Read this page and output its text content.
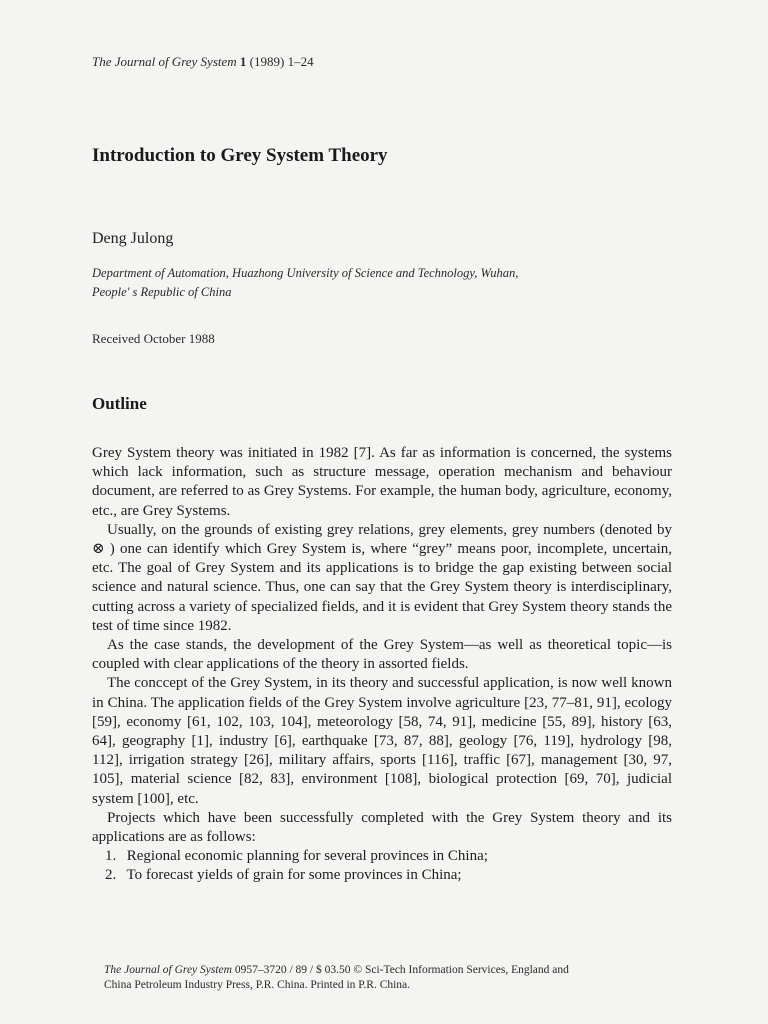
The Journal of Grey System 1 (1989) 1–24
Introduction to Grey System Theory
Deng Julong
Department of Automation, Huazhong University of Science and Technology, Wuhan,
People' s Republic of China
Received October 1988
Outline

Grey System theory was initiated in 1982 [7]. As far as information is concerned, the systems which lack information, such as structure message, operation mechanism and behaviour document, are referred to as Grey Systems. For example, the human body, agriculture, economy, etc., are Grey Systems.

Usually, on the grounds of existing grey relations, grey elements, grey numbers (denoted by ⊗ ) one can identify which Grey System is, where “grey” means poor, incomplete, uncertain, etc. The goal of Grey System and its applications is to bridge the gap existing between social science and natural science. Thus, one can say that the Grey System theory is interdisciplinary, cutting across a variety of specialized fields, and it is evident that Grey System theory stands the test of time since 1982.

As the case stands, the development of the Grey System—as well as theoretical topic—is coupled with clear applications of the theory in assorted fields.

The conccept of the Grey System, in its theory and successful application, is now well known in China. The application fields of the Grey System involve agriculture [23, 77–81, 91], ecology [59], economy [61, 102, 103, 104], meteorology [58, 74, 91], medicine [55, 89], history [63, 64], geography [1], industry [6], earthquake [73, 87, 88], geology [76, 119], hydrology [98, 112], irrigation strategy [26], military affairs, sports [116], traffic [67], management [30, 97, 105], material science [82, 83], environment [108], biological protection [69, 70], judicial system [100], etc.

Projects which have been successfully completed with the Grey System theory and its applications are as follows:

1. Regional economic planning for several provinces in China;
2. To forecast yields of grain for some provinces in China;
The Journal of Grey System 0957–3720 / 89 / $ 03.50 © Sci-Tech Information Services, England and
China Petroleum Industry Press, P.R. China. Printed in P.R. China.
